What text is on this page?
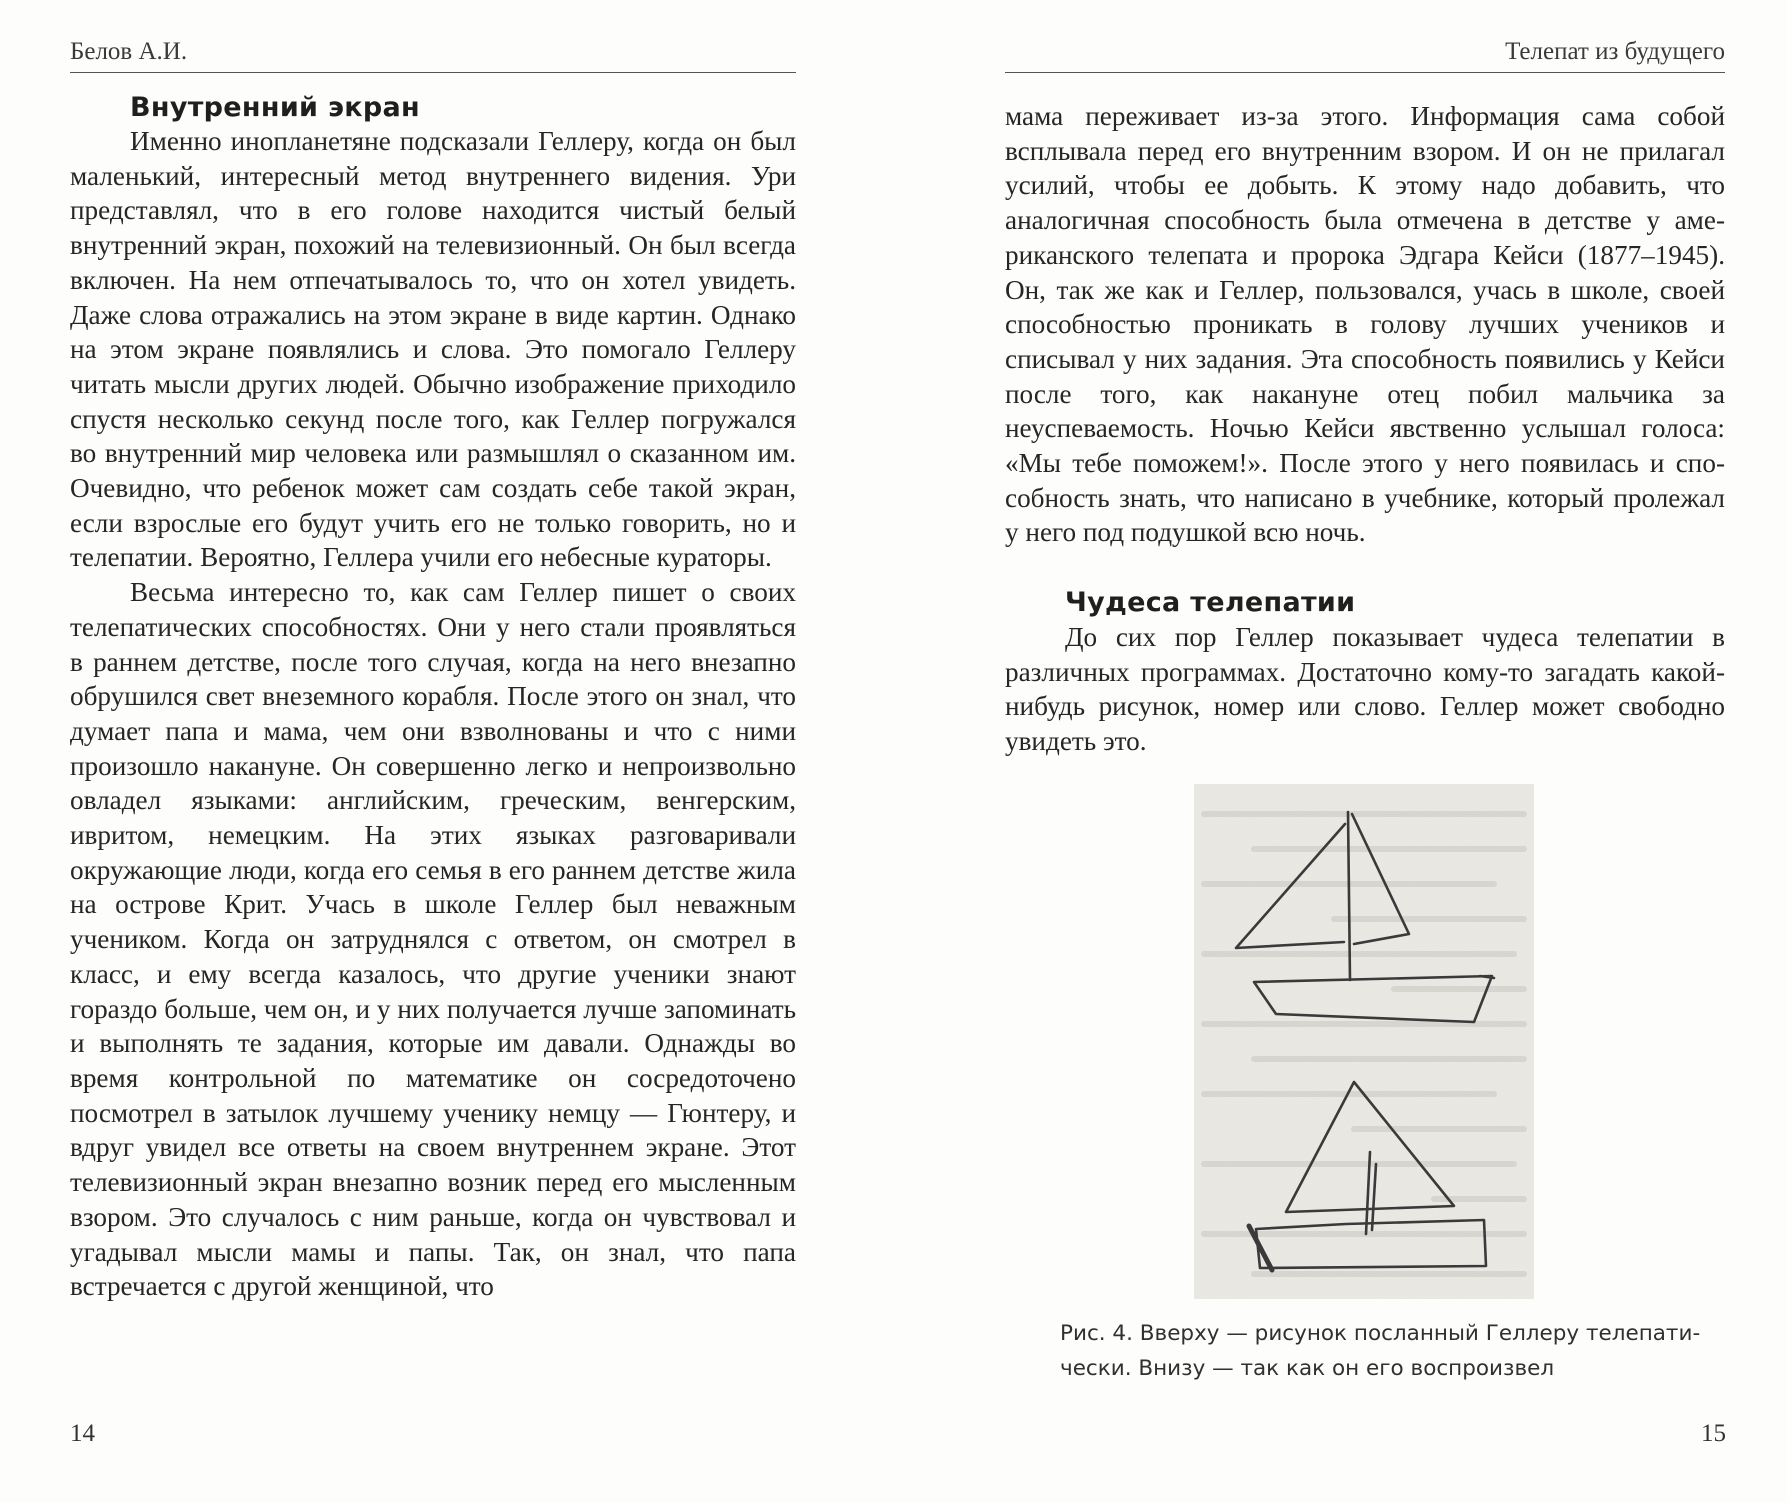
Белов А.И.
Внутренний экран

Именно инопланетяне подсказали Геллеру, когда он был маленький, интересный метод внутреннего видения. Ури представлял, что в его голове находится чистый белый внутренний экран, похожий на телевизионный. Он был всегда включен. На нем отпечатывалось то, что он хотел увидеть. Даже слова отражались на этом экране в виде картин. Однако на этом экране появлялись и слова. Это помогало Геллеру читать мысли других людей. Обычно изображение приходило спустя несколько секунд после того, как Геллер погружался во внутренний мир человека или размышлял о сказанном им. Очевидно, что ребенок может сам создать себе такой экран, если взрослые его будут учить его не только говорить, но и телепатии. Вероятно, Геллера учили его небесные кураторы.

Весьма интересно то, как сам Геллер пишет о своих телепатических способностях. Они у него стали проявляться в раннем детстве, после того случая, когда на него внезапно обрушился свет внеземного корабля. После этого он знал, что думает папа и мама, чем они взволнованы и что с ними произошло накануне. Он совершенно легко и непроизвольно овладел языками: английским, греческим, венгерским, ивритом, немецким. На этих языках разговаривали окружающие люди, когда его семья в его раннем детстве жила на острове Крит. Учась в школе Геллер был неважным учеником. Когда он затруднялся с ответом, он смотрел в класс, и ему всегда казалось, что другие ученики знают гораздо больше, чем он, и у них получается лучше запоминать и выполнять те задания, которые им давали. Однажды во время контрольной по математике он сосредоточено посмотрел в затылок лучшему ученику немцу — Гюнтеру, и вдруг увидел все ответы на своем внутреннем экране. Этот телевизионный экран внезапно возник перед его мысленным взором. Это случалось с ним раньше, когда он чувствовал и угадывал мысли мамы и папы. Так, он знал, что папа встречается с другой женщиной, что

14
Телепат из будущего

мама переживает из-за этого. Информация сама собой всплывала перед его внутренним взором. И он не прилагал усилий, чтобы ее добыть. К этому надо добавить, что аналогичная способность была отмечена в детстве у американского телепата и пророка Эдгара Кейси (1877–1945). Он, так же как и Геллер, пользовался, учась в школе, своей способностью проникать в голову лучших учеников и списывал у них задания. Эта способность появились у Кейси после того, как накануне отец побил мальчика за неуспеваемость. Ночью Кейси явственно услышал голоса: «Мы тебе поможем!». После этого у него появилась и способность знать, что написано в учебнике, который пролежал у него под подушкой всю ночь.

Чудеса телепатии

До сих пор Геллер показывает чудеса телепатии в различных программах. Достаточно кому-то загадать какой-нибудь рисунок, номер или слово. Геллер может свободно увидеть это.

Рис. 4. Вверху — рисунок посланный Геллеру телепатически. Внизу — так как он его воспроизвел
15
